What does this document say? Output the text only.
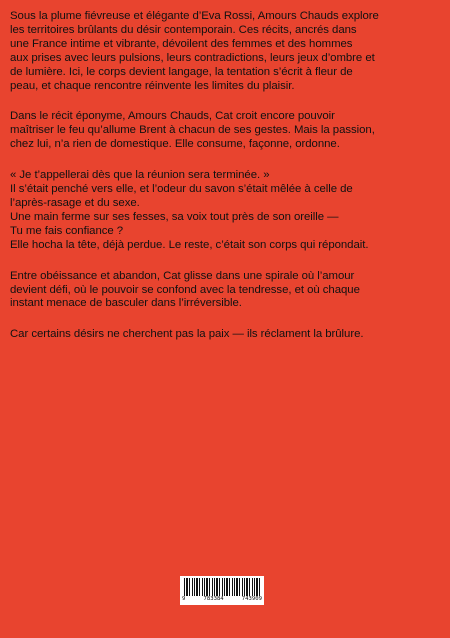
Sous la plume fiévreuse et élégante d’Eva Rossi, Amours Chauds explore
les territoires brûlants du désir contemporain. Ces récits, ancrés dans
une France intime et vibrante, dévoilent des femmes et des hommes
aux prises avec leurs pulsions, leurs contradictions, leurs jeux d’ombre et
de lumière. Ici, le corps devient langage, la tentation s’écrit à fleur de
peau, et chaque rencontre réinvente les limites du plaisir.

Dans le récit éponyme, Amours Chauds, Cat croit encore pouvoir
maîtriser le feu qu’allume Brent à chacun de ses gestes. Mais la passion,
chez lui, n’a rien de domestique. Elle consume, façonne, ordonne.

« Je t’appellerai dès que la réunion sera terminée. »
Il s’était penché vers elle, et l’odeur du savon s’était mêlée à celle de
l’après-rasage et du sexe.
Une main ferme sur ses fesses, sa voix tout près de son oreille —
Tu me fais confiance ?
Elle hocha la tête, déjà perdue. Le reste, c’était son corps qui répondait.

Entre obéissance et abandon, Cat glisse dans une spirale où l’amour
devient défi, où le pouvoir se confond avec la tendresse, et où chaque
instant menace de basculer dans l’irréversible.

Car certains désirs ne cherchent pas la paix — ils réclament la brûlure.

9	783384	743909
